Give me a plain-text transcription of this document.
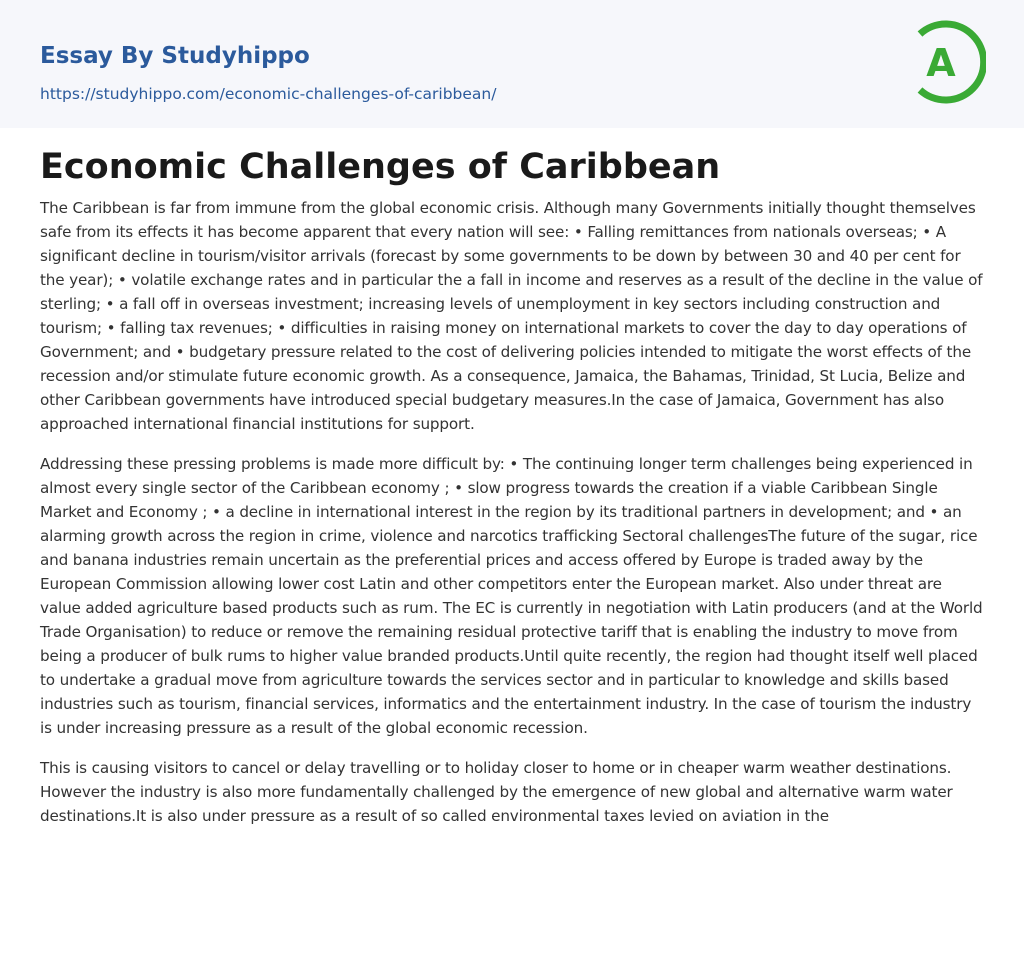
Essay By Studyhippo
https://studyhippo.com/economic-challenges-of-caribbean/
A
Economic Challenges of Caribbean

The Caribbean is far from immune from the global economic crisis. Although many Governments initially thought themselves safe from its effects it has become apparent that every nation will see: • Falling remittances from nationals overseas; • A significant decline in tourism/visitor arrivals (forecast by some governments to be down by between 30 and 40 per cent for the year); • volatile exchange rates and in particular the a fall in income and reserves as a result of the decline in the value of sterling; • a fall off in overseas investment; increasing levels of unemployment in key sectors including construction and tourism; • falling tax revenues; • difficulties in raising money on international markets to cover the day to day operations of Government; and • budgetary pressure related to the cost of delivering policies intended to mitigate the worst effects of the recession and/or stimulate future economic growth. As a consequence, Jamaica, the Bahamas, Trinidad, St Lucia, Belize and other Caribbean governments have introduced special budgetary measures.In the case of Jamaica, Government has also approached international financial institutions for support.

Addressing these pressing problems is made more difficult by: • The continuing longer term challenges being experienced in almost every single sector of the Caribbean economy ; • slow progress towards the creation if a viable Caribbean Single Market and Economy ; • a decline in international interest in the region by its traditional partners in development; and • an alarming growth across the region in crime, violence and narcotics trafficking Sectoral challengesThe future of the sugar, rice and banana industries remain uncertain as the preferential prices and access offered by Europe is traded away by the European Commission allowing lower cost Latin and other competitors enter the European market. Also under threat are value added agriculture based products such as rum. The EC is currently in negotiation with Latin producers (and at the World Trade Organisation) to reduce or remove the remaining residual protective tariff that is enabling the industry to move from being a producer of bulk rums to higher value branded products.Until quite recently, the region had thought itself well placed to undertake a gradual move from agriculture towards the services sector and in particular to knowledge and skills based industries such as tourism, financial services, informatics and the entertainment industry. In the case of tourism the industry is under increasing pressure as a result of the global economic recession.

This is causing visitors to cancel or delay travelling or to holiday closer to home or in cheaper warm weather destinations. However the industry is also more fundamentally challenged by the emergence of new global and alternative warm water destinations.It is also under pressure as a result of so called environmental taxes levied on aviation in the
